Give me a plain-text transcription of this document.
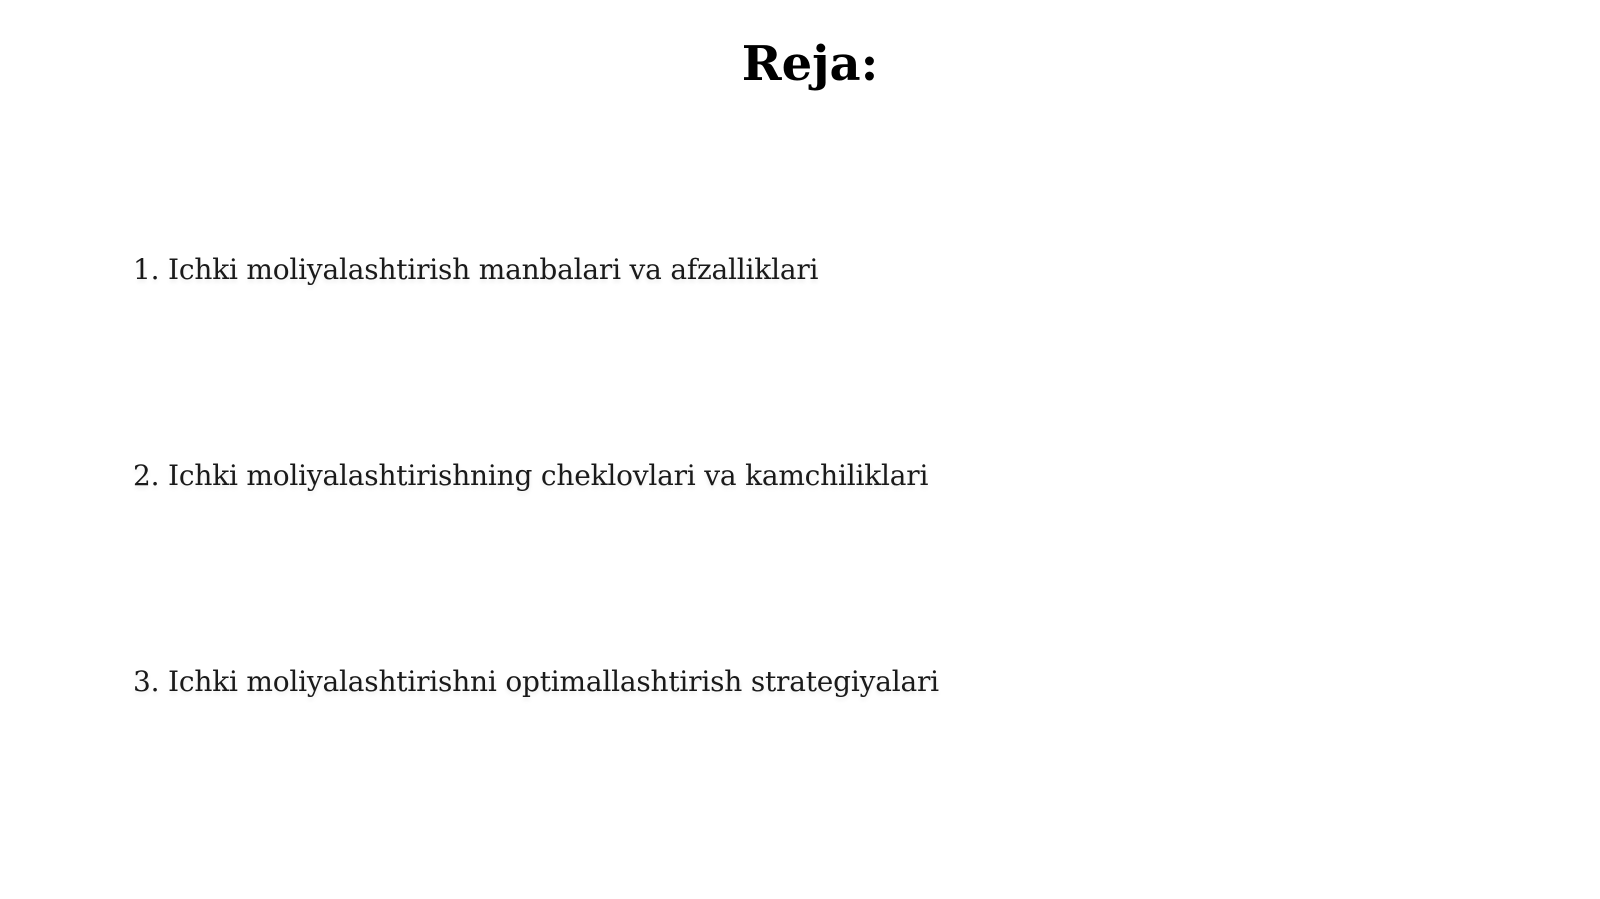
Reja:
1. Ichki moliyalashtirish manbalari va afzalliklari
2. Ichki moliyalashtirishning cheklovlari va kamchiliklari
3. Ichki moliyalashtirishni optimallashtirish strategiyalari
